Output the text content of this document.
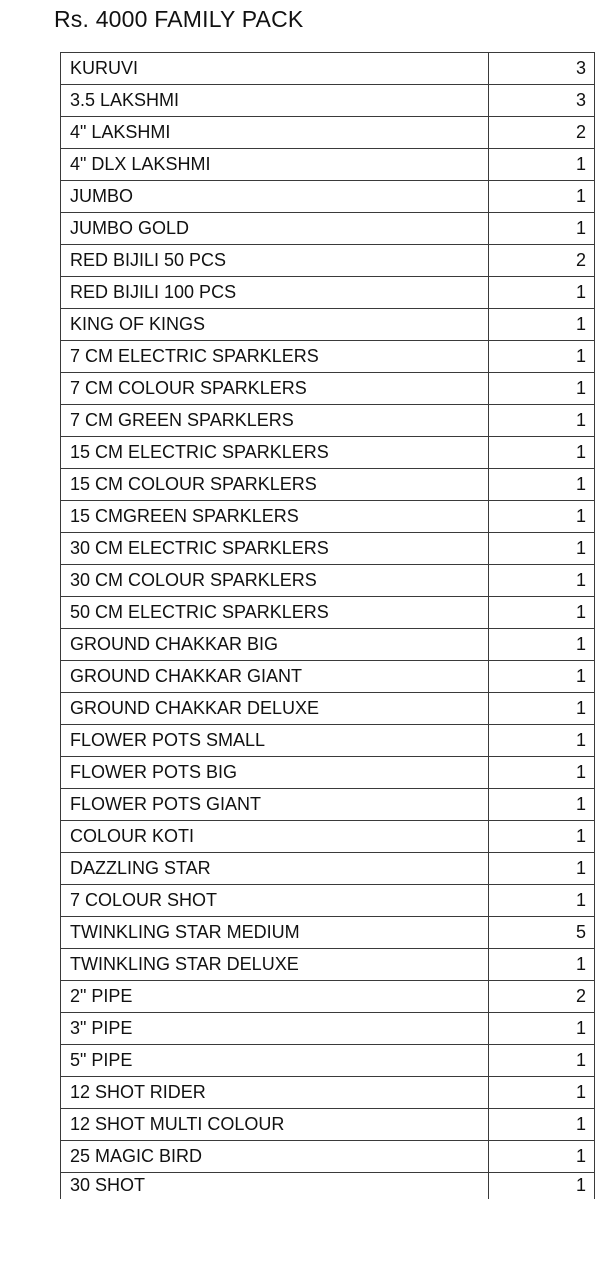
Rs. 4000 FAMILY PACK
KURUVI	3
3.5 LAKSHMI	3
4" LAKSHMI	2
4" DLX LAKSHMI	1
JUMBO	1
JUMBO GOLD	1
RED BIJILI 50 PCS	2
RED BIJILI 100 PCS	1
KING OF KINGS	1
7 CM ELECTRIC SPARKLERS	1
7 CM COLOUR SPARKLERS	1
7 CM GREEN SPARKLERS	1
15 CM ELECTRIC SPARKLERS	1
15 CM COLOUR SPARKLERS	1
15 CMGREEN SPARKLERS	1
30 CM ELECTRIC SPARKLERS	1
30 CM COLOUR SPARKLERS	1
50 CM ELECTRIC SPARKLERS	1
GROUND CHAKKAR BIG	1
GROUND CHAKKAR GIANT	1
GROUND CHAKKAR DELUXE	1
FLOWER POTS SMALL	1
FLOWER POTS BIG	1
FLOWER POTS GIANT	1
COLOUR KOTI	1
DAZZLING STAR	1
7 COLOUR SHOT	1
TWINKLING STAR MEDIUM	5
TWINKLING STAR DELUXE	1
2" PIPE	2
3" PIPE	1
5" PIPE	1
12 SHOT RIDER	1
12 SHOT MULTI COLOUR	1
25 MAGIC BIRD	1
30 SHOT	1
